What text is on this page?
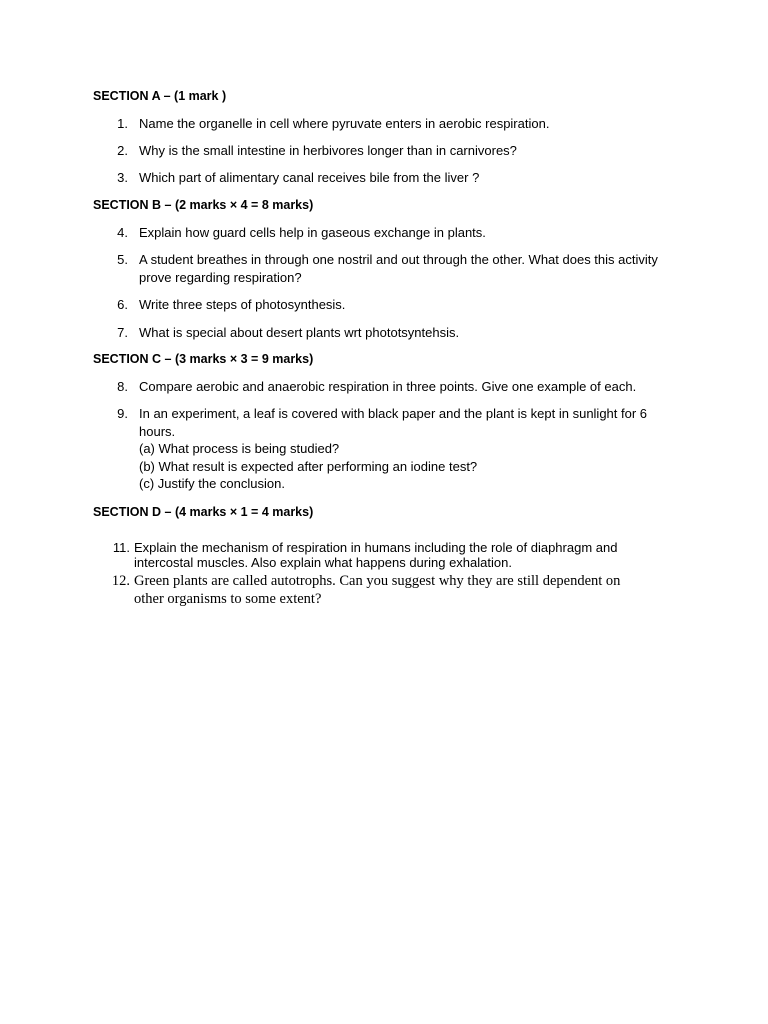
SECTION A – (1 mark )
1. Name the organelle in cell where pyruvate enters in aerobic respiration.
2. Why is the small intestine in herbivores longer than in carnivores?
3. Which part of alimentary canal receives bile from the liver ?
SECTION B – (2 marks × 4 = 8 marks)
4. Explain how guard cells help in gaseous exchange in plants.
5. A student breathes in through one nostril and out through the other. What does this activity
prove regarding respiration?
6. Write three steps of photosynthesis.
7. What is special about desert plants wrt phototsyntehsis.
SECTION C – (3 marks × 3 = 9 marks)
8. Compare aerobic and anaerobic respiration in three points. Give one example of each.
9. In an experiment, a leaf is covered with black paper and the plant is kept in sunlight for 6
hours.
(a) What process is being studied?
(b) What result is expected after performing an iodine test?
(c) Justify the conclusion.
SECTION D – (4 marks × 1 = 4 marks)
11. Explain the mechanism of respiration in humans including the role of diaphragm and
intercostal muscles. Also explain what happens during exhalation.
12. Green plants are called autotrophs. Can you suggest why they are still dependent on
other organisms to some extent?
